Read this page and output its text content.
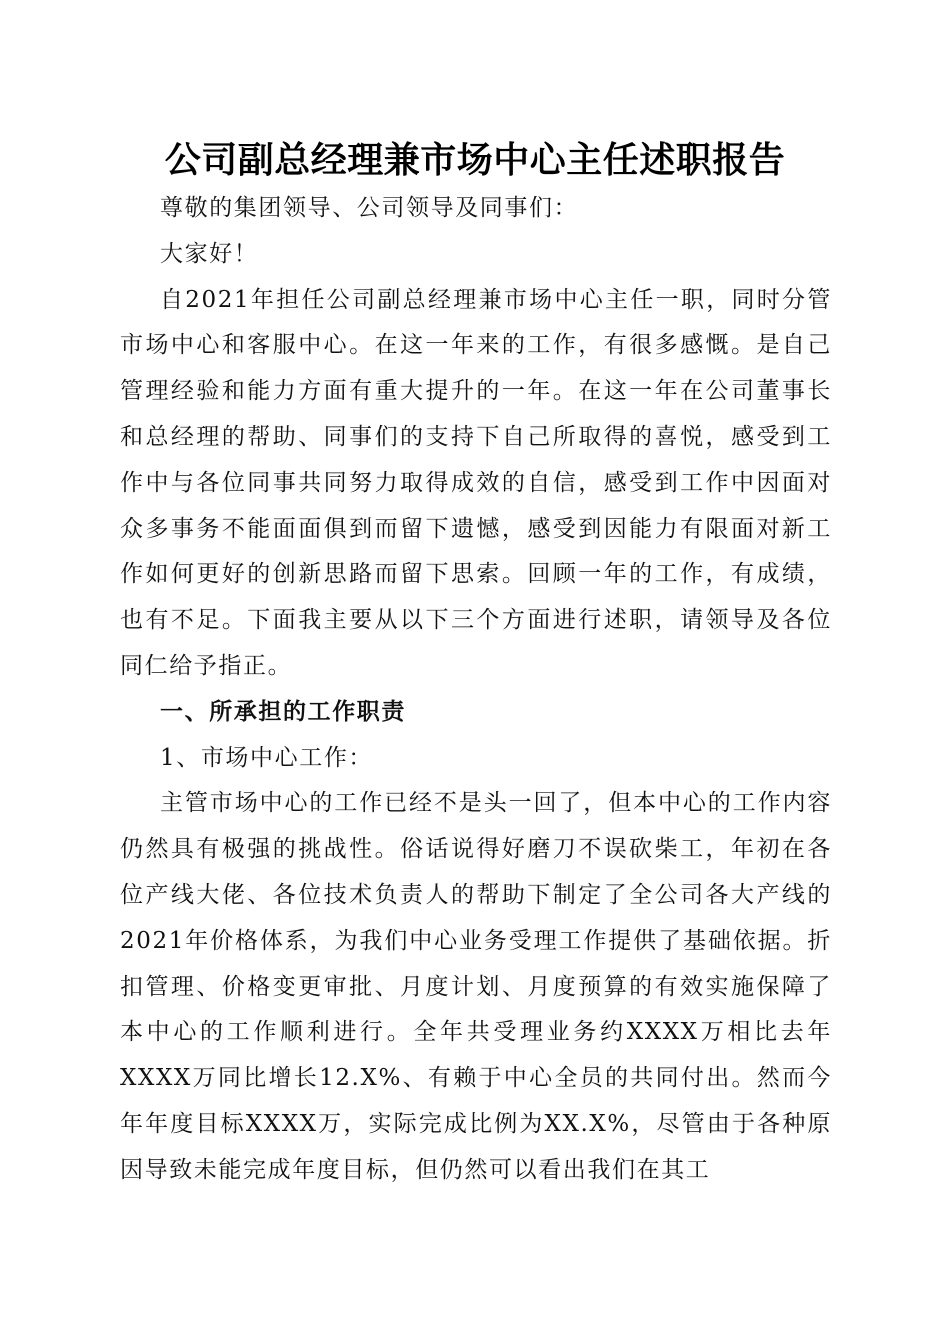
公司副总经理兼市场中心主任述职报告

尊敬的集团领导、公司领导及同事们：

大家好！

自2021年担任公司副总经理兼市场中心主任一职，同时分管市场中心和客服中心。在这一年来的工作，有很多感慨。是自己管理经验和能力方面有重大提升的一年。在这一年在公司董事长和总经理的帮助、同事们的支持下自己所取得的喜悦，感受到工作中与各位同事共同努力取得成效的自信，感受到工作中因面对众多事务不能面面俱到而留下遗憾，感受到因能力有限面对新工作如何更好的创新思路而留下思索。回顾一年的工作，有成绩，也有不足。下面我主要从以下三个方面进行述职，请领导及各位同仁给予指正。

一、所承担的工作职责

1、市场中心工作：

主管市场中心的工作已经不是头一回了，但本中心的工作内容仍然具有极强的挑战性。俗话说得好磨刀不误砍柴工，年初在各位产线大佬、各位技术负责人的帮助下制定了全公司各大产线的2021年价格体系，为我们中心业务受理工作提供了基础依据。折扣管理、价格变更审批、月度计划、月度预算的有效实施保障了本中心的工作顺利进行。全年共受理业务约XXXX万相比去年XXXX万同比增长12.X%、有赖于中心全员的共同付出。然而今年年度目标XXXX万，实际完成比例为XX.X%，尽管由于各种原因导致未能完成年度目标，但仍然可以看出我们在其工
